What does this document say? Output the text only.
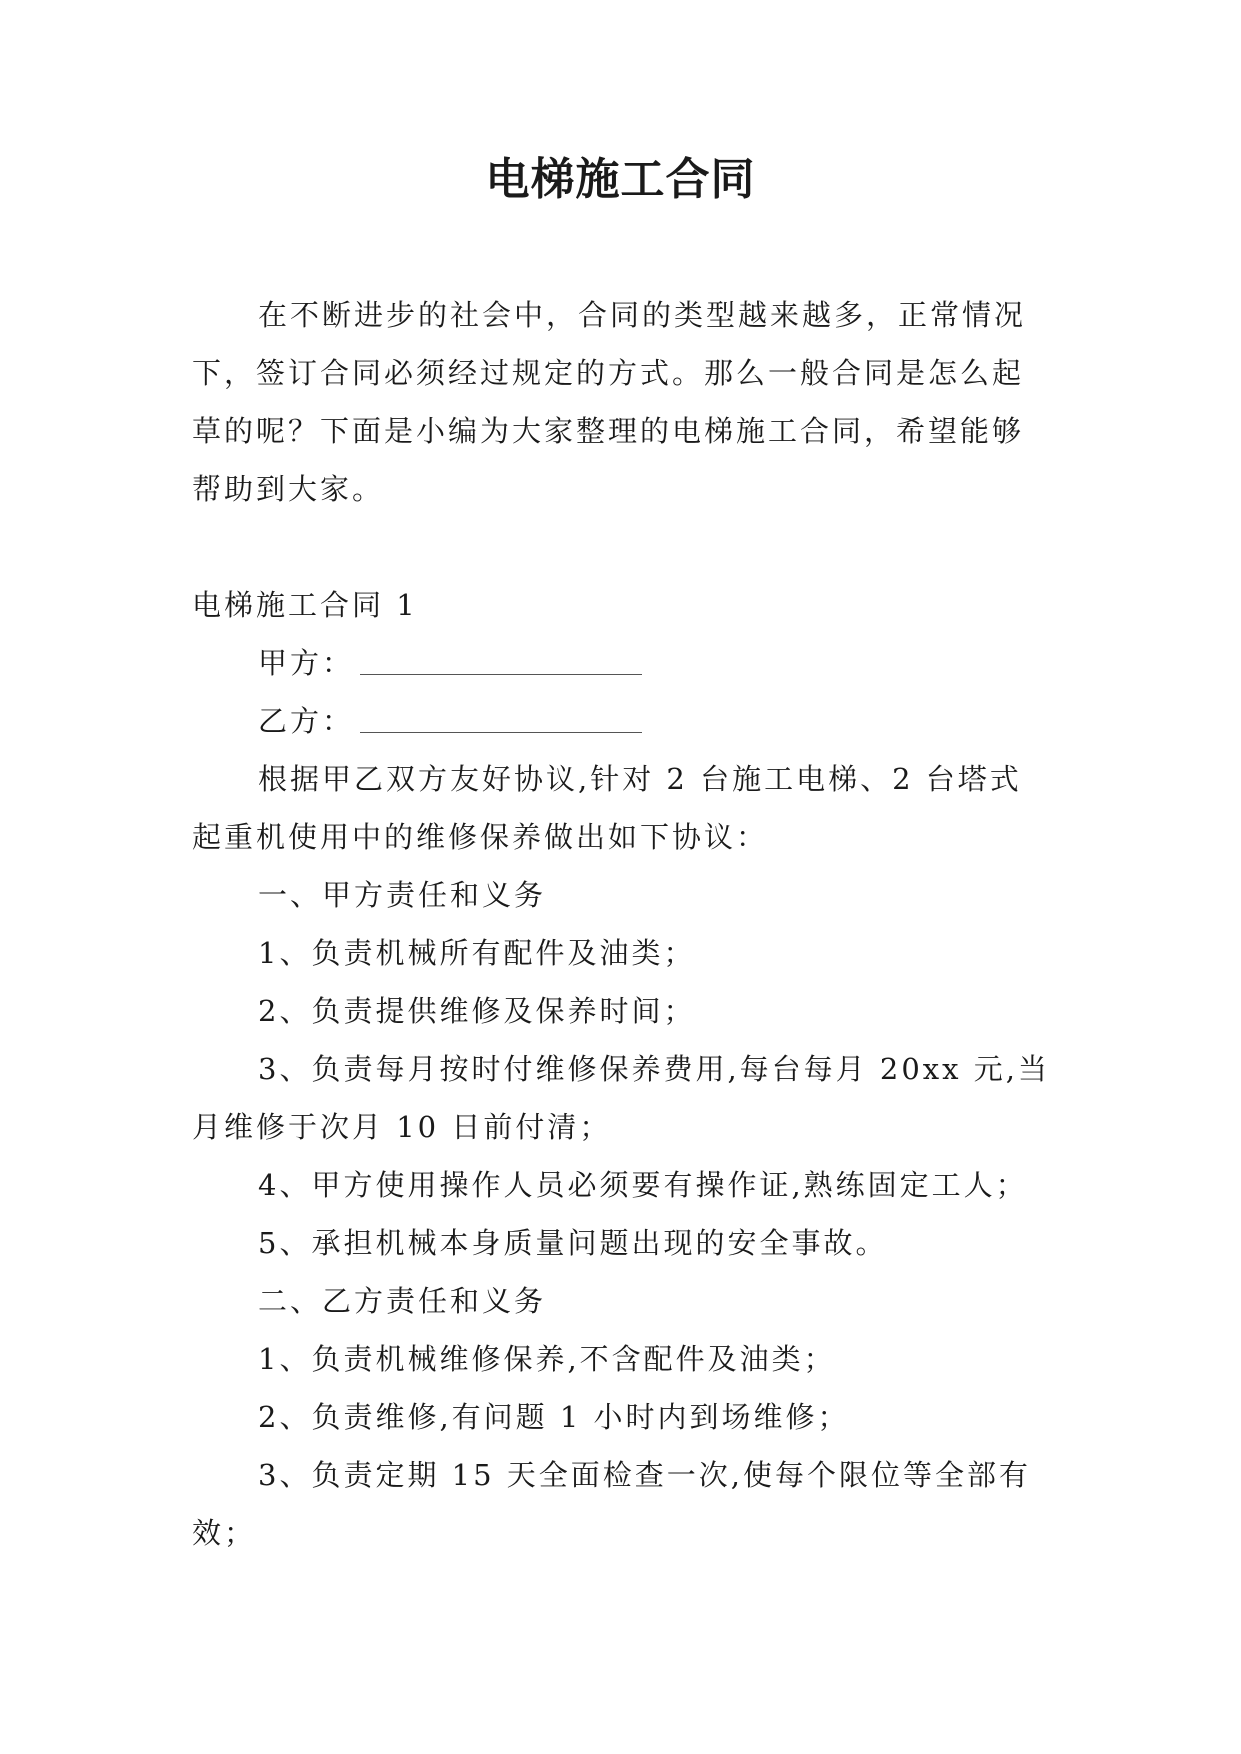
电梯施工合同

在不断进步的社会中，合同的类型越来越多，正常情况下，签订合同必须经过规定的方式。那么一般合同是怎么起草的呢？下面是小编为大家整理的电梯施工合同，希望能够帮助到大家。

电梯施工合同 1

甲方：

乙方：

根据甲乙双方友好协议,针对 2 台施工电梯、2 台塔式起重机使用中的维修保养做出如下协议：

一、甲方责任和义务

1、负责机械所有配件及油类；

2、负责提供维修及保养时间；

3、负责每月按时付维修保养费用,每台每月 20xx 元,当月维修于次月 10 日前付清；

4、甲方使用操作人员必须要有操作证,熟练固定工人；

5、承担机械本身质量问题出现的安全事故。

二、乙方责任和义务

1、负责机械维修保养,不含配件及油类；

2、负责维修,有问题 1 小时内到场维修；

3、负责定期 15 天全面检查一次,使每个限位等全部有效；
